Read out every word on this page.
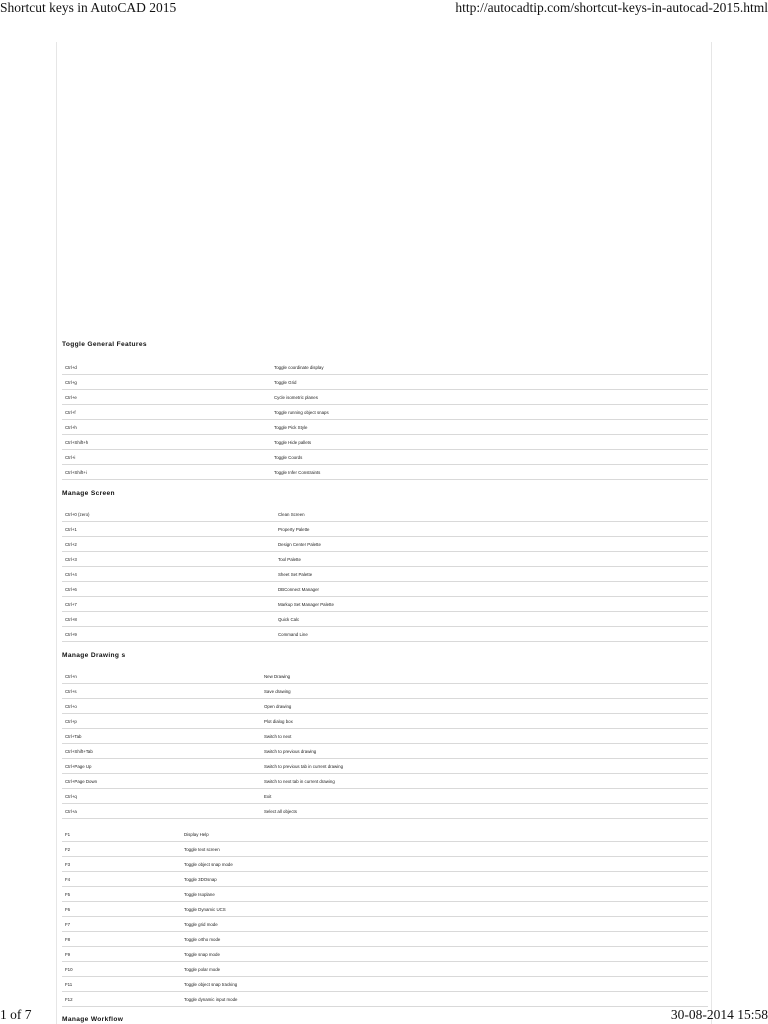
Shortcut keys in AutoCAD 2015	http://autocadtip.com/shortcut-keys-in-autocad-2015.html
Toggle General Features
Ctrl+d	Toggle coordinate display
Ctrl+g	Toggle Grid
Ctrl+e	Cycle isometric planes
Ctrl+f	Toggle running object snaps
Ctrl+h	Toggle Pick Style
Ctrl+Shift+h	Toggle Hide pallets
Ctrl+i	Toggle Coords
Ctrl+Shift+i	Toggle Infer Constraints
Manage Screen
Ctrl+0 (zero)	Clean Screen
Ctrl+1	Property Palette
Ctrl+2	Design Center Palette
Ctrl+3	Tool Palette
Ctrl+4	Sheet Set Palette
Ctrl+6	DBConnect Manager
Ctrl+7	Markup Set Manager Palette
Ctrl+8	Quick Calc
Ctrl+9	Command Line
Manage Drawing s
Ctrl+n	New Drawing
Ctrl+s	Save drawing
Ctrl+o	Open drawing
Ctrl+p	Plot dialog box
Ctrl+Tab	Switch to next
Ctrl+Shift+Tab	Switch to previous drawing
Ctrl+Page Up	Switch to previous tab in current drawing
Ctrl+Page Down	Switch to next tab in current drawing
Ctrl+q	Exit
Ctrl+a	Select all objects
F1	Display Help
F2	Toggle text screen
F3	Toggle object snap mode
F4	Toggle 3DOsnap
F5	Toggle Isoplane
F6	Toggle Dynamic UCS
F7	Toggle grid mode
F8	Toggle ortho mode
F9	Toggle snap mode
F10	Toggle polar mode
F11	Toggle object snap tracking
F12	Toggle dynamic input mode
Manage Workflow
1 of 7	30-08-2014 15:58
